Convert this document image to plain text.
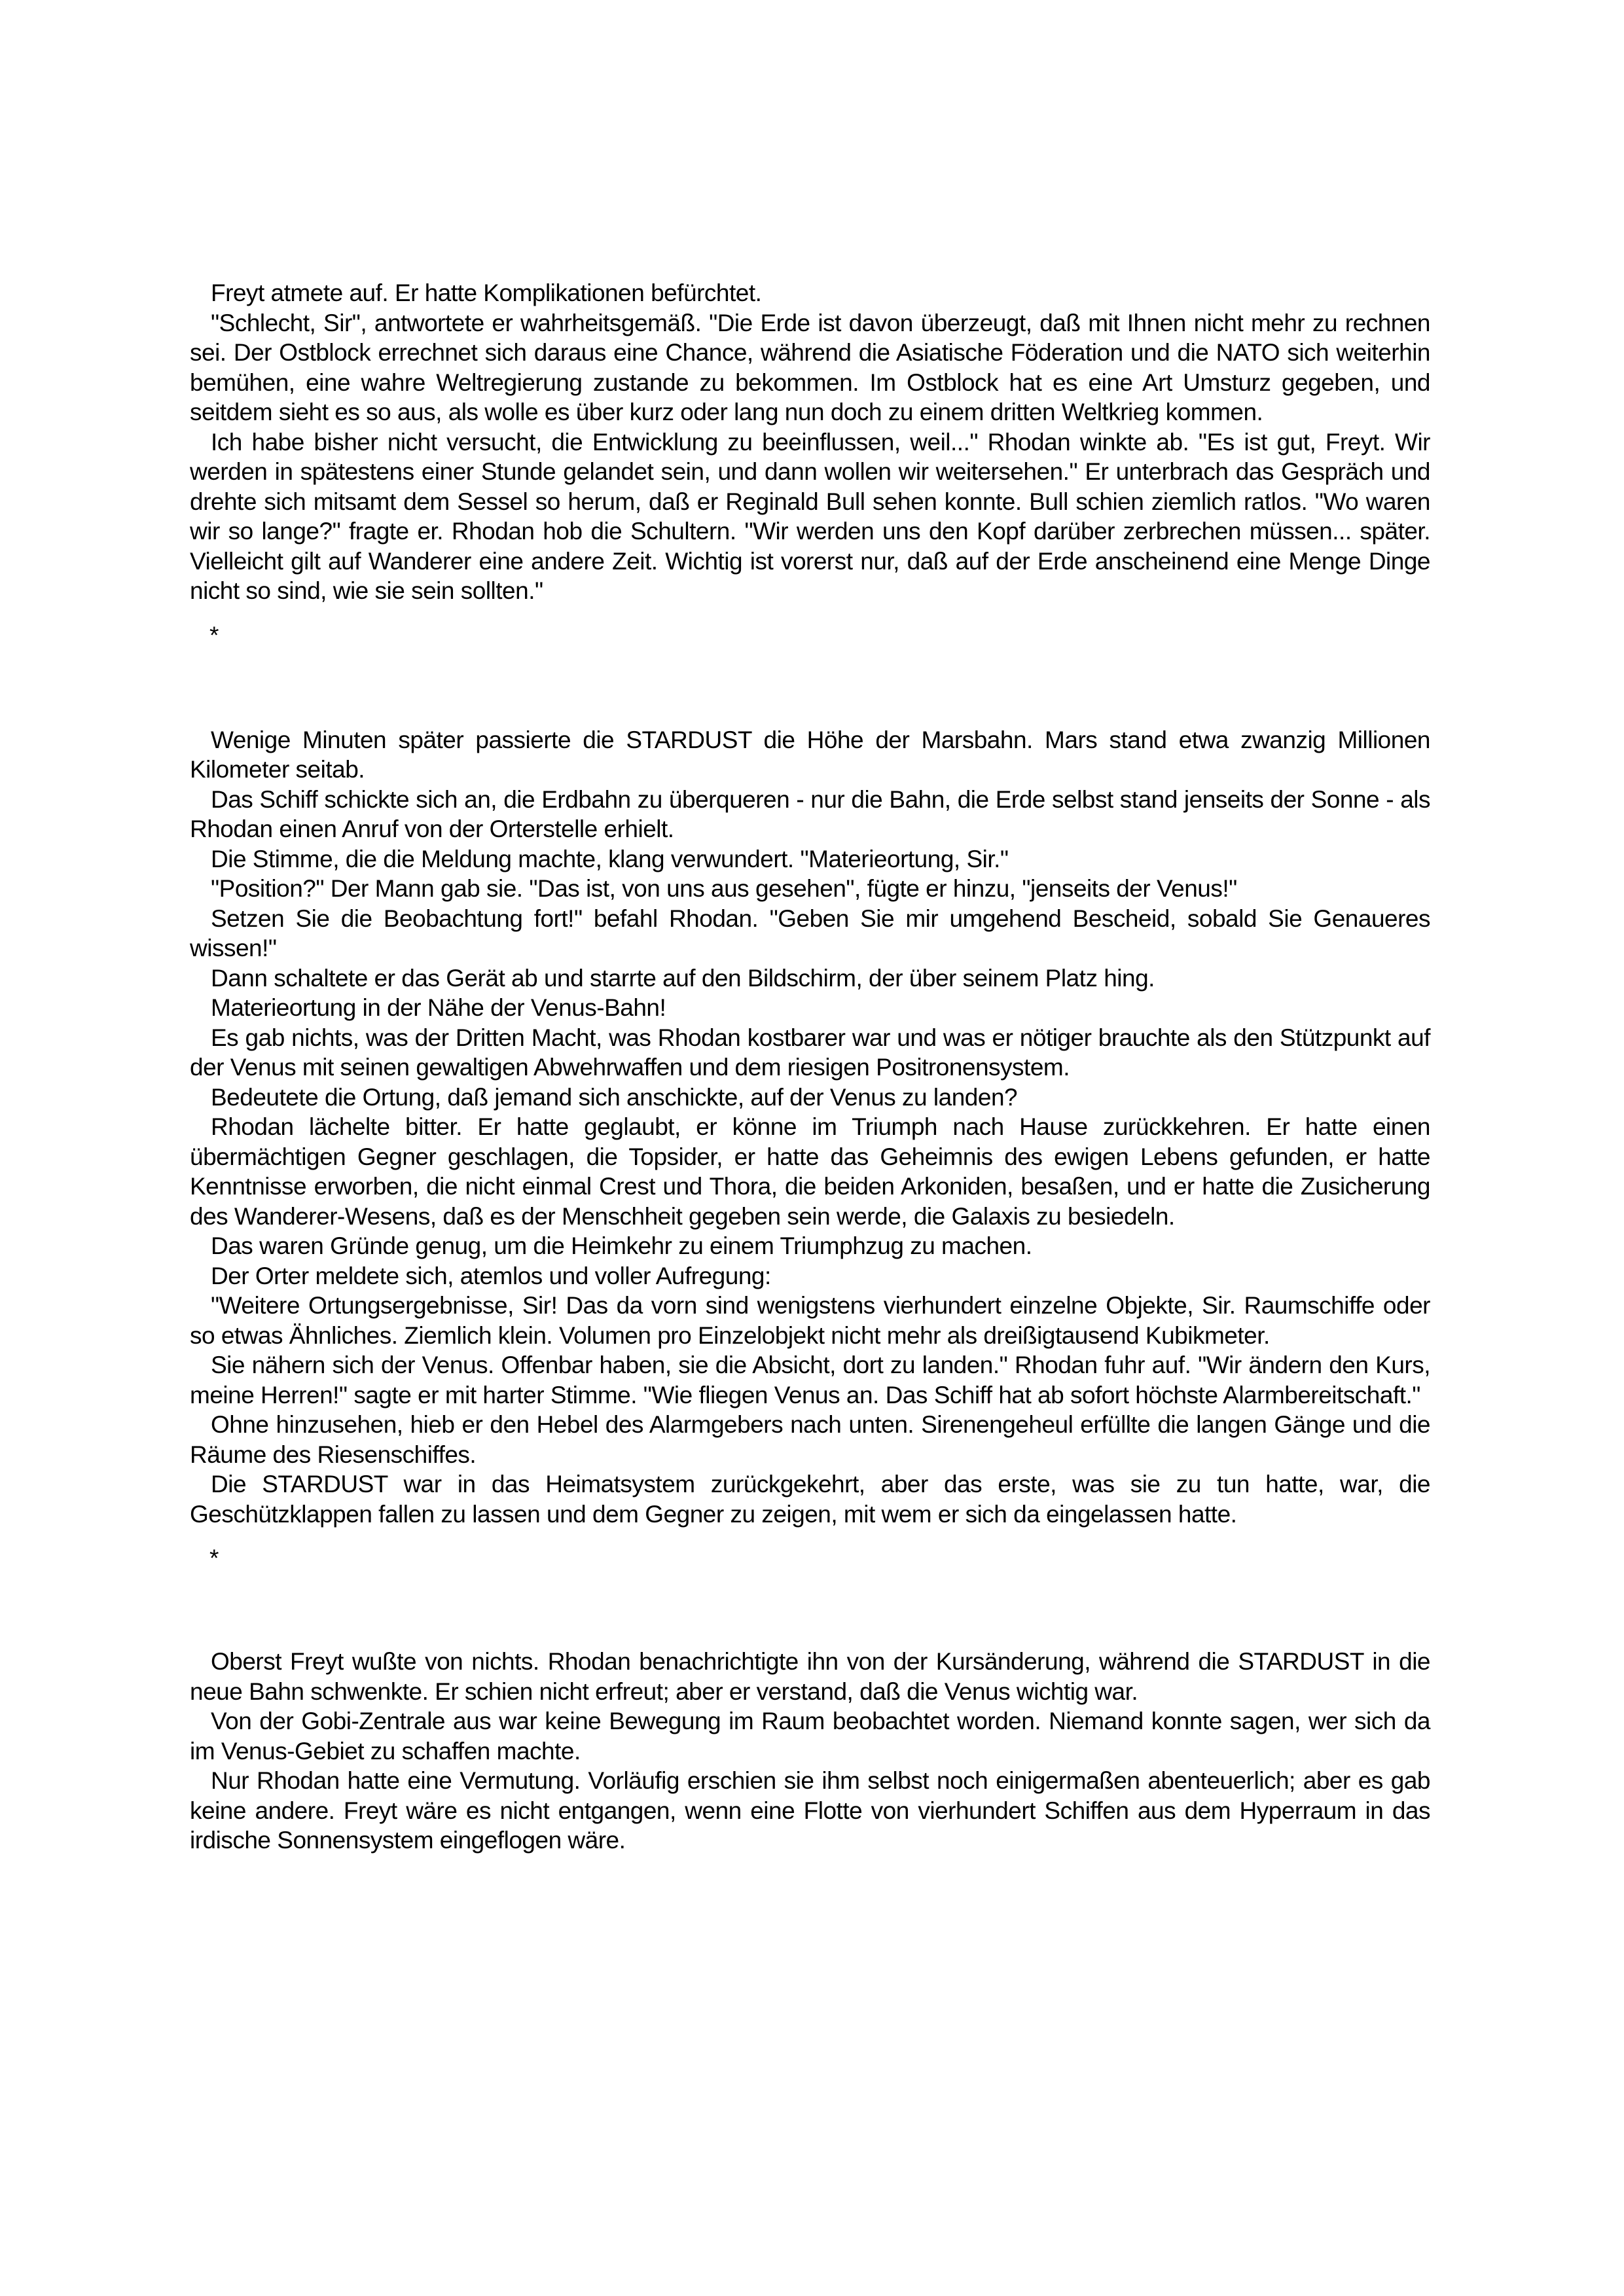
Freyt atmete auf. Er hatte Komplikationen befürchtet.

"Schlecht, Sir", antwortete er wahrheitsgemäß. "Die Erde ist davon überzeugt, daß mit Ihnen nicht mehr zu rechnen sei. Der Ostblock errechnet sich daraus eine Chance, während die Asiatische Föderation und die NATO sich weiterhin bemühen, eine wahre Weltregierung zustande zu bekommen. Im Ostblock hat es eine Art Umsturz gegeben, und seitdem sieht es so aus, als wolle es über kurz oder lang nun doch zu einem dritten Weltkrieg kommen.

Ich habe bisher nicht versucht, die Entwicklung zu beeinflussen, weil..." Rhodan winkte ab. "Es ist gut, Freyt. Wir werden in spätestens einer Stunde gelandet sein, und dann wollen wir weitersehen." Er unterbrach das Gespräch und drehte sich mitsamt dem Sessel so herum, daß er Reginald Bull sehen konnte. Bull schien ziemlich ratlos. "Wo waren wir so lange?" fragte er. Rhodan hob die Schultern. "Wir werden uns den Kopf darüber zerbrechen müssen... später. Vielleicht gilt auf Wanderer eine andere Zeit. Wichtig ist vorerst nur, daß auf der Erde anscheinend eine Menge Dinge nicht so sind, wie sie sein sollten."

*

Wenige Minuten später passierte die STARDUST die Höhe der Marsbahn. Mars stand etwa zwanzig Millionen Kilometer seitab.

Das Schiff schickte sich an, die Erdbahn zu überqueren - nur die Bahn, die Erde selbst stand jenseits der Sonne - als Rhodan einen Anruf von der Orterstelle erhielt.

Die Stimme, die die Meldung machte, klang verwundert. "Materieortung, Sir."

"Position?" Der Mann gab sie. "Das ist, von uns aus gesehen", fügte er hinzu, "jenseits der Venus!"

Setzen Sie die Beobachtung fort!" befahl Rhodan. "Geben Sie mir umgehend Bescheid, sobald Sie Genaueres wissen!"

Dann schaltete er das Gerät ab und starrte auf den Bildschirm, der über seinem Platz hing.

Materieortung in der Nähe der Venus-Bahn!

Es gab nichts, was der Dritten Macht, was Rhodan kostbarer war und was er nötiger brauchte als den Stützpunkt auf der Venus mit seinen gewaltigen Abwehrwaffen und dem riesigen Positronensystem.

Bedeutete die Ortung, daß jemand sich anschickte, auf der Venus zu landen?

Rhodan lächelte bitter. Er hatte geglaubt, er könne im Triumph nach Hause zurückkehren. Er hatte einen übermächtigen Gegner geschlagen, die Topsider, er hatte das Geheimnis des ewigen Lebens gefunden, er hatte Kenntnisse erworben, die nicht einmal Crest und Thora, die beiden Arkoniden, besaßen, und er hatte die Zusicherung des Wanderer-Wesens, daß es der Menschheit gegeben sein werde, die Galaxis zu besiedeln.

Das waren Gründe genug, um die Heimkehr zu einem Triumphzug zu machen.

Der Orter meldete sich, atemlos und voller Aufregung:

"Weitere Ortungsergebnisse, Sir! Das da vorn sind wenigstens vierhundert einzelne Objekte, Sir. Raumschiffe oder so etwas Ähnliches. Ziemlich klein. Volumen pro Einzelobjekt nicht mehr als dreißigtausend Kubikmeter.

Sie nähern sich der Venus. Offenbar haben, sie die Absicht, dort zu landen." Rhodan fuhr auf. "Wir ändern den Kurs, meine Herren!" sagte er mit harter Stimme. "Wie fliegen Venus an. Das Schiff hat ab sofort höchste Alarmbereitschaft."

Ohne hinzusehen, hieb er den Hebel des Alarmgebers nach unten. Sirenengeheul erfüllte die langen Gänge und die Räume des Riesenschiffes.

Die STARDUST war in das Heimatsystem zurückgekehrt, aber das erste, was sie zu tun hatte, war, die Geschützklappen fallen zu lassen und dem Gegner zu zeigen, mit wem er sich da eingelassen hatte.

*

Oberst Freyt wußte von nichts. Rhodan benachrichtigte ihn von der Kursänderung, während die STARDUST in die neue Bahn schwenkte. Er schien nicht erfreut; aber er verstand, daß die Venus wichtig war.

Von der Gobi-Zentrale aus war keine Bewegung im Raum beobachtet worden. Niemand konnte sagen, wer sich da im Venus-Gebiet zu schaffen machte.

Nur Rhodan hatte eine Vermutung. Vorläufig erschien sie ihm selbst noch einigermaßen abenteuerlich; aber es gab keine andere. Freyt wäre es nicht entgangen, wenn eine Flotte von vierhundert Schiffen aus dem Hyperraum in das irdische Sonnensystem eingeflogen wäre.
